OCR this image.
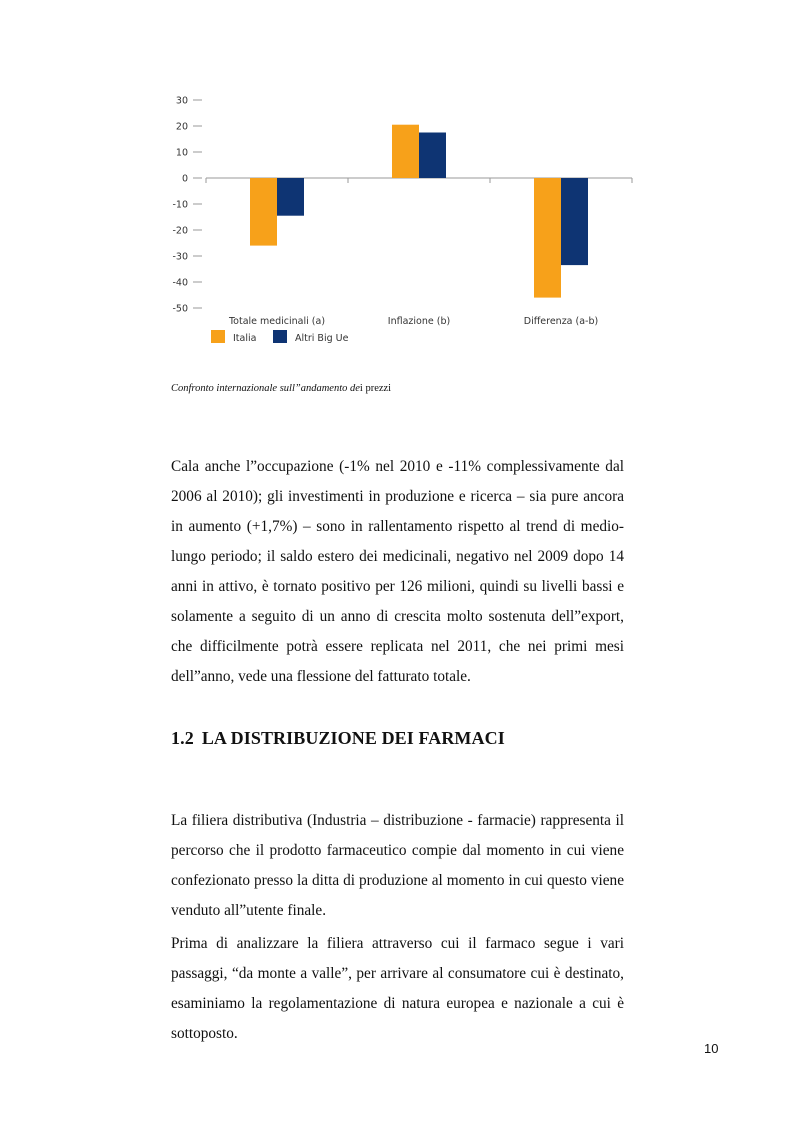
30
20
10
0
-10
-20
-30
-40
-50
Totale medicinali (a)	Inflazione (b)	Differenza (a-b)
Italia	Altri Big Ue

Confronto internazionale sull”andamento dei prezzi

Cala anche l”occupazione (-1% nel 2010 e -11% complessivamente dal 2006 al 2010); gli investimenti in produzione e ricerca – sia pure ancora in aumento (+1,7%) – sono in rallentamento rispetto al trend di medio-lungo periodo; il saldo estero dei medicinali, negativo nel 2009 dopo 14 anni in attivo, è tornato positivo per 126 milioni, quindi su livelli bassi e solamente a seguito di un anno di crescita molto sostenuta dell”export, che difficilmente potrà essere replicata nel 2011, che nei primi mesi dell”anno, vede una flessione del fatturato totale.

1.2 LA DISTRIBUZIONE DEI FARMACI

La filiera distributiva (Industria – distribuzione - farmacie) rappresenta il percorso che il prodotto farmaceutico compie dal momento in cui viene confezionato presso la ditta di produzione al momento in cui questo viene venduto all”utente finale.

Prima di analizzare la filiera attraverso cui il farmaco segue i vari passaggi, “da monte a valle”, per arrivare al consumatore cui è destinato, esaminiamo la regolamentazione di natura europea e nazionale a cui è sottoposto.

10
